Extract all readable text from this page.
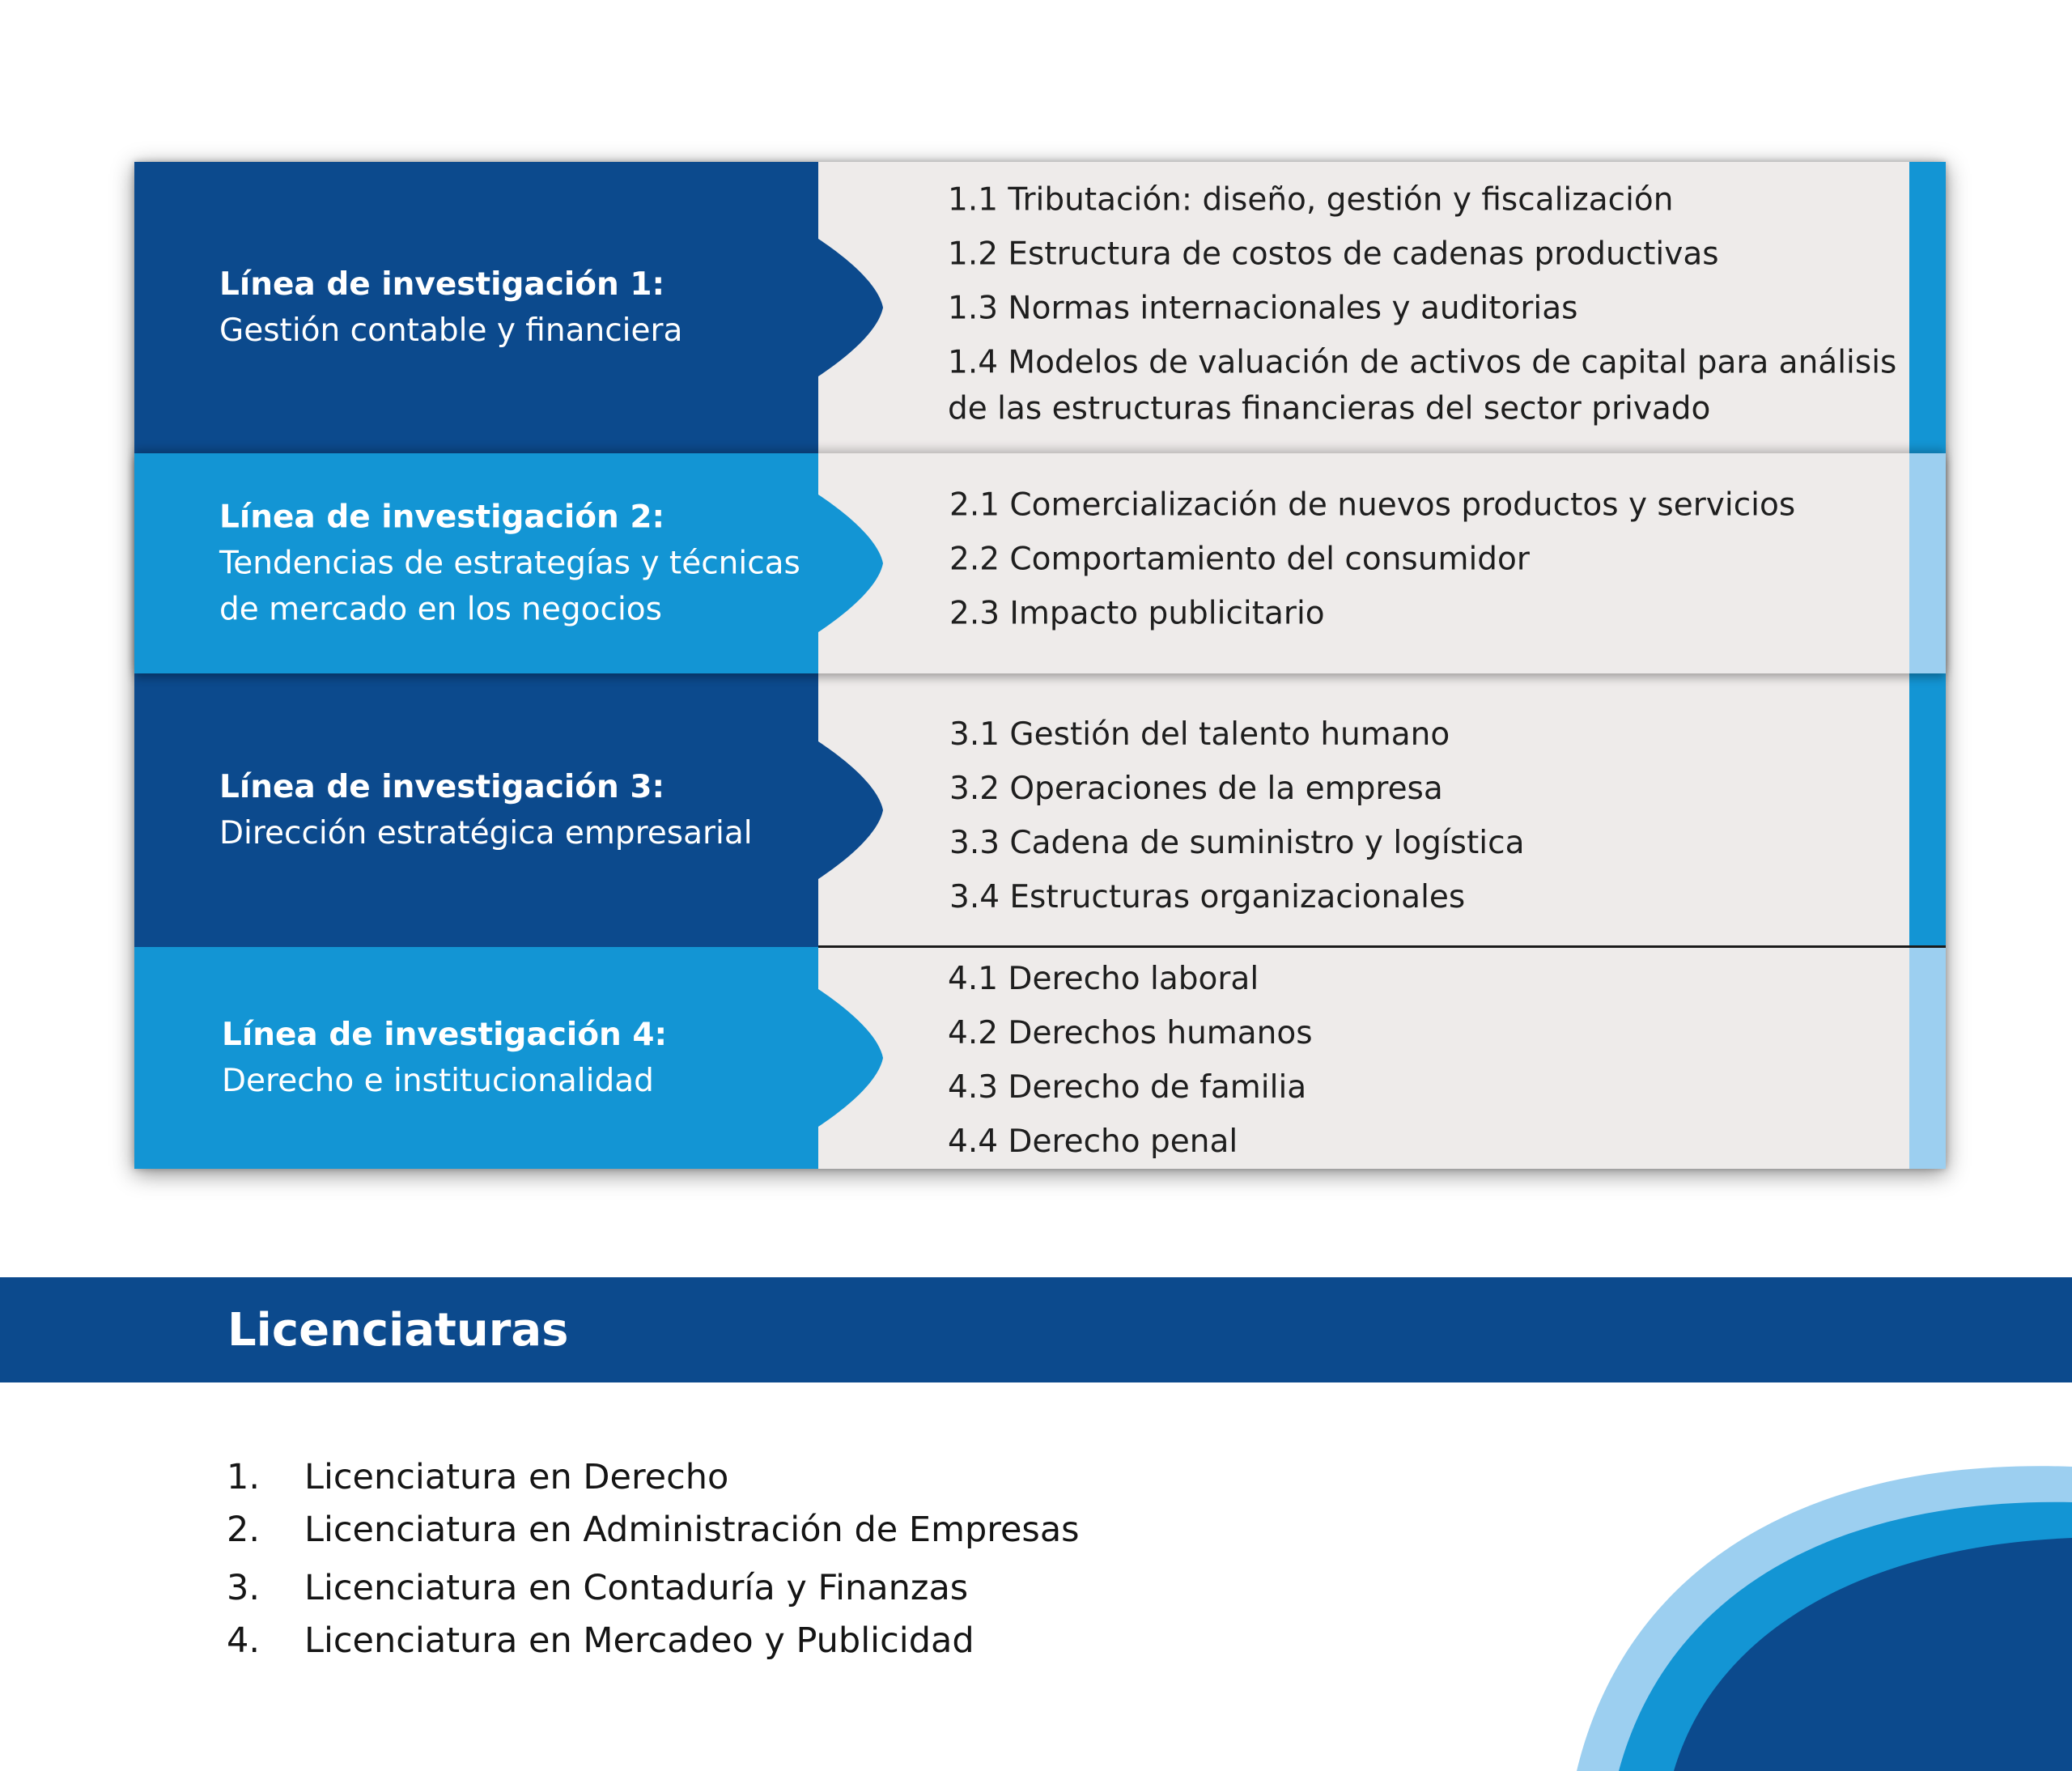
Línea de investigación 1:
Gestión contable y financiera
1.1 Tributación: diseño, gestión y fiscalización
1.2 Estructura de costos de cadenas productivas
1.3 Normas internacionales y auditorias
1.4 Modelos de valuación de activos de capital para análisis de las estructuras financieras del sector privado
Línea de investigación 2:
Tendencias de estrategías y técnicas
de mercado en los negocios
2.1 Comercialización de nuevos productos y servicios
2.2 Comportamiento del consumidor
2.3 Impacto publicitario
Línea de investigación 3:
Dirección estratégica empresarial
3.1 Gestión del talento humano
3.2 Operaciones de la empresa
3.3 Cadena de suministro y logística
3.4 Estructuras organizacionales
Línea de investigación 4:
Derecho e institucionalidad
4.1 Derecho laboral
4.2 Derechos humanos
4.3 Derecho de familia
4.4 Derecho penal
Licenciaturas
1. Licenciatura en Derecho
2. Licenciatura en Administración de Empresas
3. Licenciatura en Contaduría y Finanzas
4. Licenciatura en Mercadeo y Publicidad
